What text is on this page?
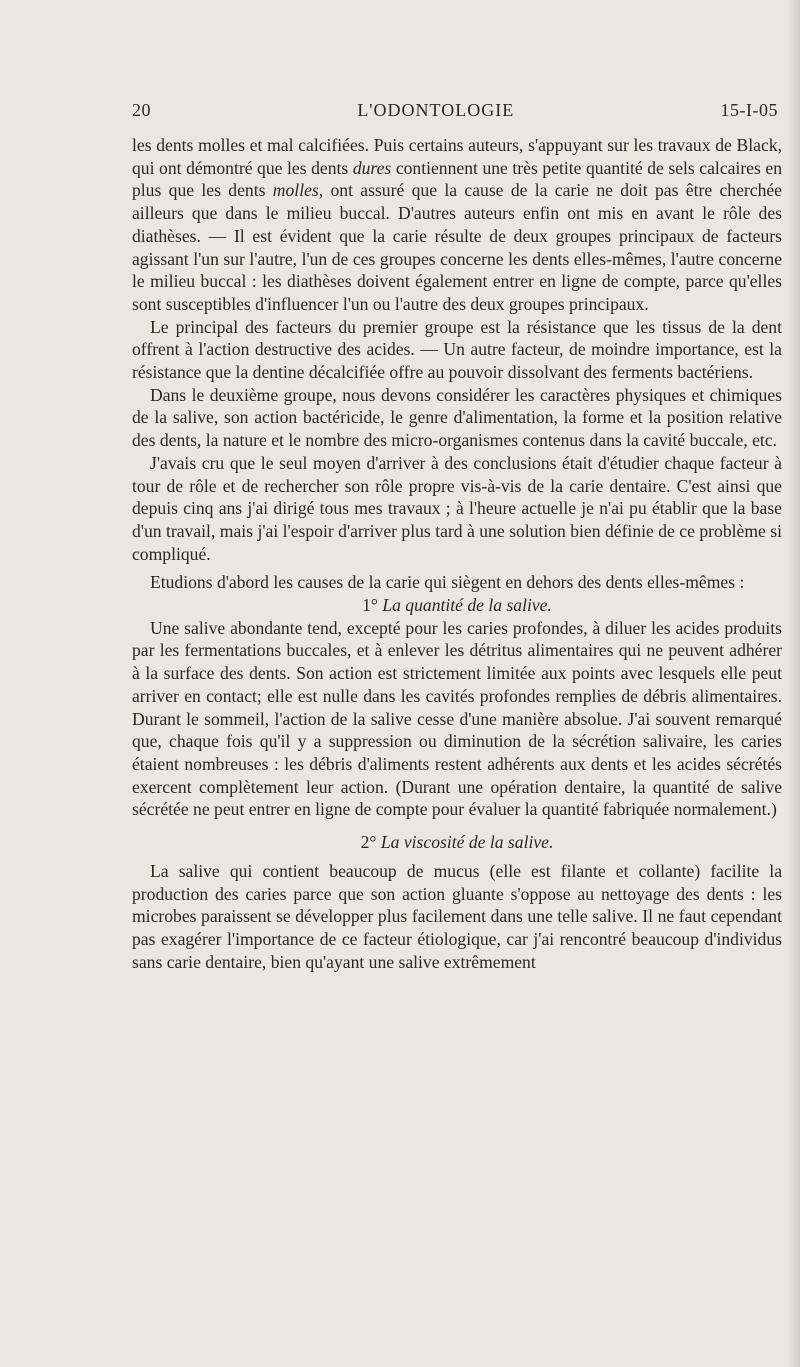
20	L'ODONTOLOGIE	15-I-05

les dents molles et mal calcifiées. Puis certains auteurs, s'appuyant sur les travaux de Black, qui ont démontré que les dents dures contiennent une très petite quantité de sels calcaires en plus que les dents molles, ont assuré que la cause de la carie ne doit pas être cherchée ailleurs que dans le milieu buccal. D'autres auteurs enfin ont mis en avant le rôle des diathèses. — Il est évident que la carie résulte de deux groupes principaux de facteurs agissant l'un sur l'autre, l'un de ces groupes concerne les dents elles-mêmes, l'autre concerne le milieu buccal : les diathèses doivent également entrer en ligne de compte, parce qu'elles sont susceptibles d'influencer l'un ou l'autre des deux groupes principaux.

Le principal des facteurs du premier groupe est la résistance que les tissus de la dent offrent à l'action destructive des acides. — Un autre facteur, de moindre importance, est la résistance que la dentine décalcifiée offre au pouvoir dissolvant des ferments bactériens.

Dans le deuxième groupe, nous devons considérer les caractères physiques et chimiques de la salive, son action bactéricide, le genre d'alimentation, la forme et la position relative des dents, la nature et le nombre des micro-organismes contenus dans la cavité buccale, etc.

J'avais cru que le seul moyen d'arriver à des conclusions était d'étudier chaque facteur à tour de rôle et de rechercher son rôle propre vis-à-vis de la carie dentaire. C'est ainsi que depuis cinq ans j'ai dirigé tous mes travaux ; à l'heure actuelle je n'ai pu établir que la base d'un travail, mais j'ai l'espoir d'arriver plus tard à une solution bien définie de ce problème si compliqué.

Etudions d'abord les causes de la carie qui siègent en dehors des dents elles-mêmes :

1° La quantité de la salive.

Une salive abondante tend, excepté pour les caries profondes, à diluer les acides produits par les fermentations buccales, et à enlever les détritus alimentaires qui ne peuvent adhérer à la surface des dents. Son action est strictement limitée aux points avec lesquels elle peut arriver en contact; elle est nulle dans les cavités profondes remplies de débris alimentaires. Durant le sommeil, l'action de la salive cesse d'une manière absolue. J'ai souvent remarqué que, chaque fois qu'il y a suppression ou diminution de la sécrétion salivaire, les caries étaient nombreuses : les débris d'aliments restent adhérents aux dents et les acides sécrétés exercent complètement leur action. (Durant une opération dentaire, la quantité de salive sécrétée ne peut entrer en ligne de compte pour évaluer la quantité fabriquée normalement.)

2° La viscosité de la salive.

La salive qui contient beaucoup de mucus (elle est filante et collante) facilite la production des caries parce que son action gluante s'oppose au nettoyage des dents : les microbes paraissent se développer plus facilement dans une telle salive. Il ne faut cependant pas exagérer l'importance de ce facteur étiologique, car j'ai rencontré beaucoup d'individus sans carie dentaire, bien qu'ayant une salive extrêmement
